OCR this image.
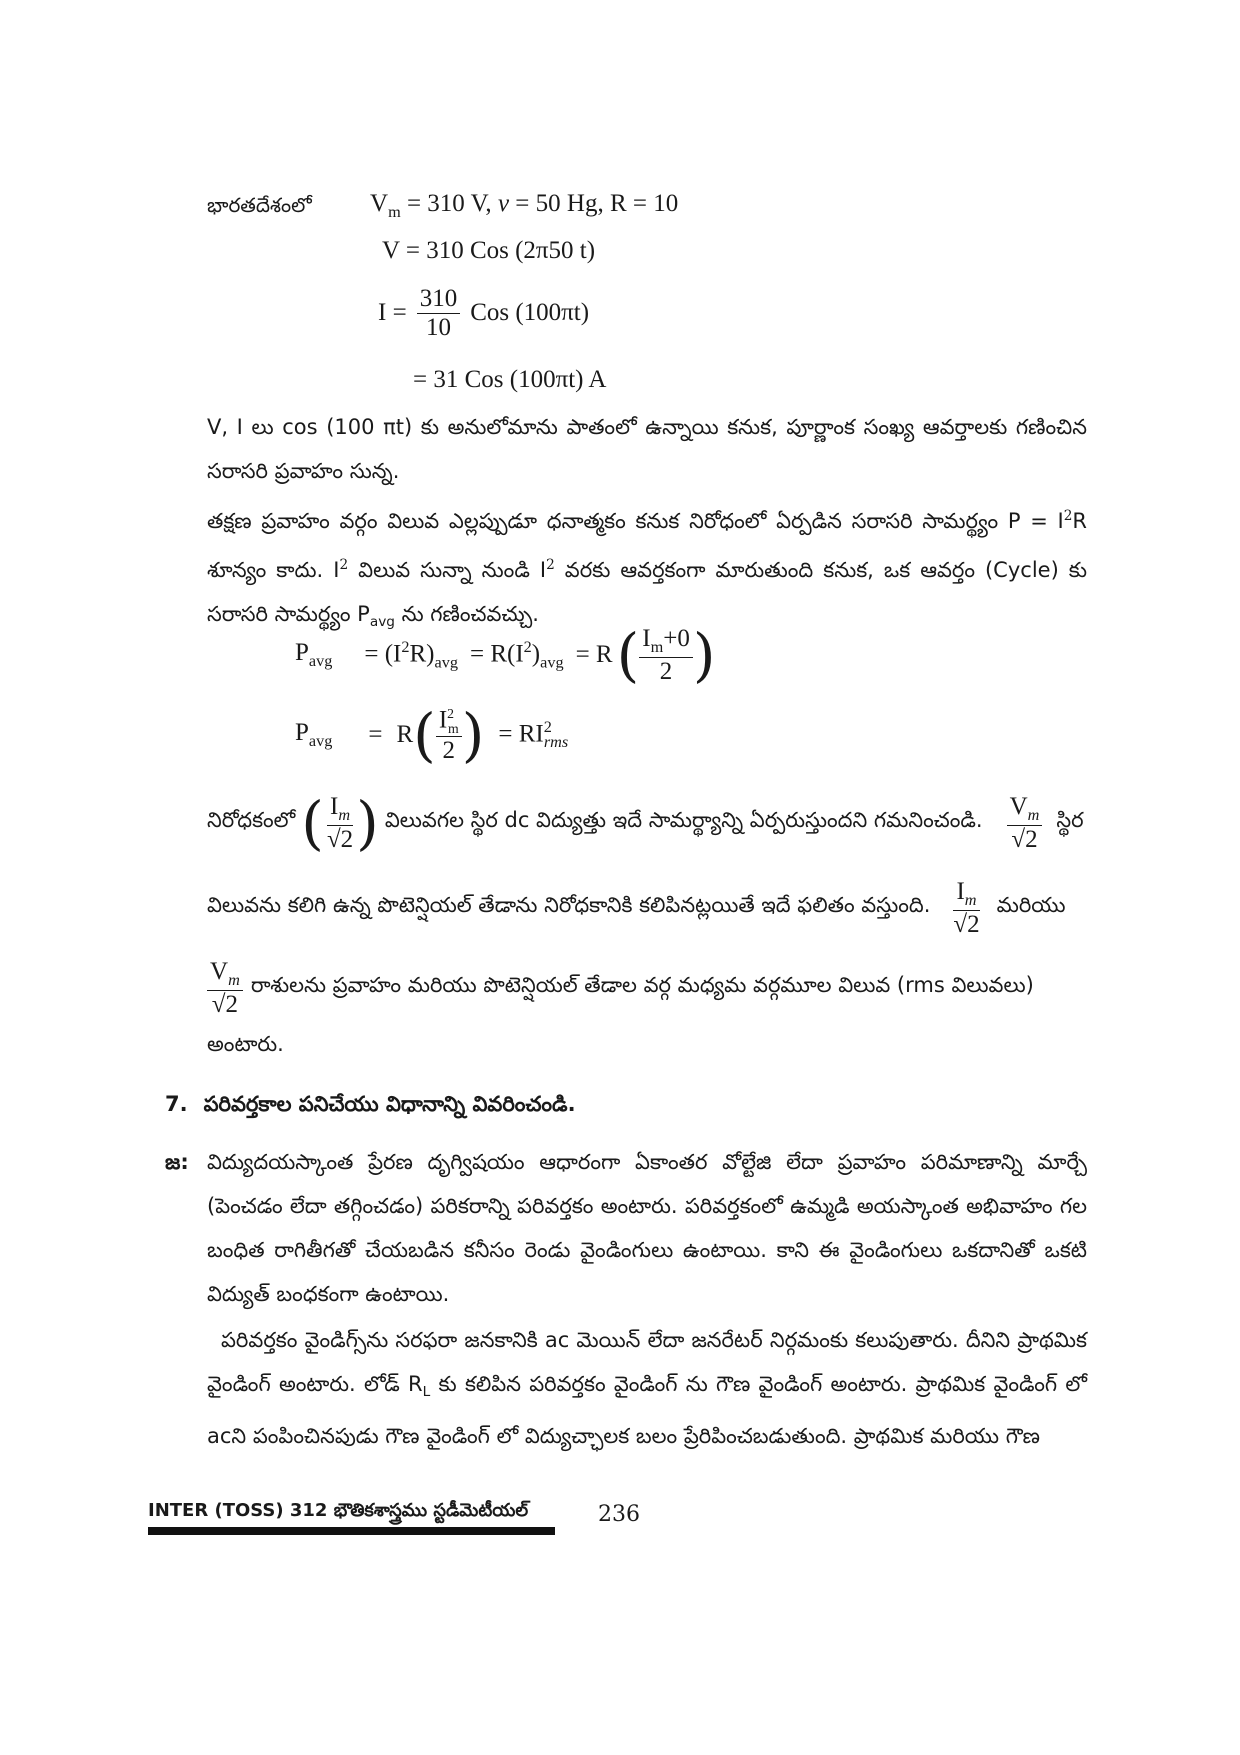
భారతదేశంలో $V_m = 310$ V, v = 50 Hg, R = 10
V = 310 Cos (2π50 t)
$I = \frac{310}{10}$ Cos (100πt)
= 31 Cos (100πt) A
V, I లు cos (100 πt) కు అనులోమాను పాతంలో ఉన్నాయి కనుక, పూర్ణాంక సంఖ్య ఆవర్తాలకు గణించిన సరాసరి ప్రవాహం సున్న.
తక్షణ ప్రవాహం వర్గం విలువ ఎల్లప్పుడూ ధనాత్మకం కనుక నిరోధంలో ఏర్పడిన సరాసరి సామర్థ్యం $P = I^2R$ శూన్యం కాదు. $I^2$ విలువ సున్నా నుండి $I^2$ వరకు ఆవర్తకంగా మారుతుంది కనుక, ఒక ఆవర్తం (Cycle) కు సరాసరి సామర్థ్యం $P_{avg}$ ను గణించవచ్చు.
$P_{avg} = (I^2R)_{avg} = R(I^2)_{avg} = R$ ( $\frac{I_m+0}{2}$ )
$P_{avg} = R$ ( $\frac{I^2_m}{2}$ ) = $RI^2_{rms}$
నిరోధకంలో ( $\frac{I_m}{√2}$ ) విలువగల స్థిర dc విద్యుత్తు ఇదే సామర్థ్యాన్ని ఏర్పరుస్తుందని గమనించండి. $\frac{V_m}{√2}$ స్థిర
విలువను కలిగి ఉన్న పొటెన్షియల్ తేడాను నిరోధకానికి కలిపినట్లయితే ఇదే ఫలితం వస్తుంది. $\frac{I_m}{√2}$ మరియు
$\frac{V_m}{√2}$ రాశులను ప్రవాహం మరియు పొటెన్షియల్ తేడాల వర్గ మధ్యమ వర్గమూల విలువ (rms విలువలు)
అంటారు.
7. పరివర్తకాల పనిచేయు విధానాన్ని వివరించండి.
జ: విద్యుదయస్కాంత ప్రేరణ దృగ్విషయం ఆధారంగా ఏకాంతర వోల్టేజి లేదా ప్రవాహం పరిమాణాన్ని మార్చే (పెంచడం లేదా తగ్గించడం) పరికరాన్ని పరివర్తకం అంటారు. పరివర్తకంలో ఉమ్మడి అయస్కాంత అభివాహం గల బంధిత రాగితీగతో చేయబడిన కనీసం రెండు వైండింగులు ఉంటాయి. కాని ఈ వైండింగులు ఒకదానితో ఒకటి విద్యుత్ బంధకంగా ఉంటాయి.
పరివర్తకం వైండిగ్స్‌ను సరఫరా జనకానికి ac మెయిన్ లేదా జనరేటర్ నిర్గమంకు కలుపుతారు. దీనిని ప్రాథమిక వైండింగ్ అంటారు. లోడ్ $R_L$ కు కలిపిన పరివర్తకం వైండింగ్ ను గౌణ వైండింగ్ అంటారు. ప్రాథమిక వైండింగ్ లో acని పంపించినపుడు గౌణ వైండింగ్ లో విద్యుచ్ఛాలక బలం ప్రేరిపించబడుతుంది. ప్రాథమిక మరియు గౌణ
INTER (TOSS) 312 భౌతికశాస్త్రము స్టడీమెటీయల్	236
